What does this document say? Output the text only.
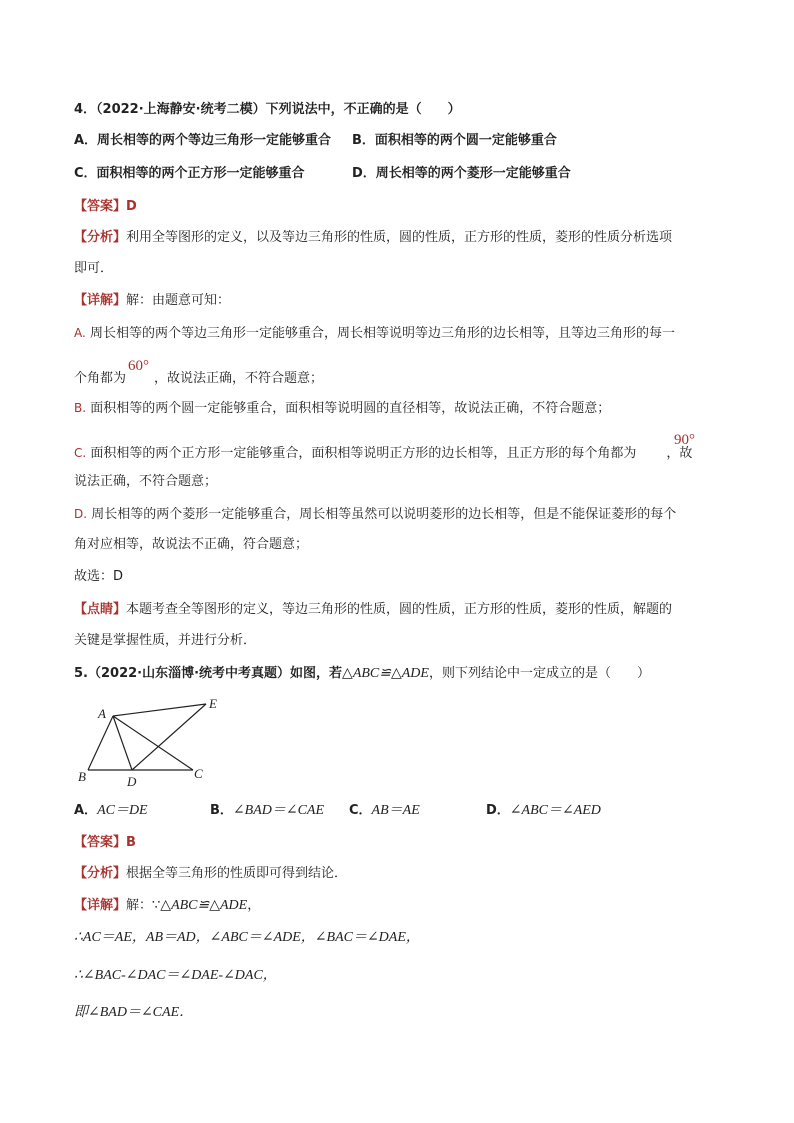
4．（2022·上海静安·统考二模）下列说法中，不正确的是（　　）
A．周长相等的两个等边三角形一定能够重合 B．面积相等的两个圆一定能够重合
C．面积相等的两个正方形一定能够重合	D．周长相等的两个菱形一定能够重合
【答案】D
【分析】利用全等图形的定义，以及等边三角形的性质，圆的性质，正方形的性质，菱形的性质分析选项
即可．
【详解】解：由题意可知：
A. 周长相等的两个等边三角形一定能够重合，周长相等说明等边三角形的边长相等，且等边三角形的每一
个角都为 ，故说法正确，不符合题意；
60°
B. 面积相等的两个圆一定能够重合，面积相等说明圆的直径相等，故说法正确，不符合题意；
C. 面积相等的两个正方形一定能够重合，面积相等说明正方形的边长相等，且正方形的每个角都为 ，故
90°
说法正确，不符合题意；
D. 周长相等的两个菱形一定能够重合，周长相等虽然可以说明菱形的边长相等，但是不能保证菱形的每个
角对应相等，故说法不正确，符合题意；
故选：D
【点睛】本题考查全等图形的定义，等边三角形的性质，圆的性质，正方形的性质，菱形的性质，解题的
关键是掌握性质，并进行分析．
5.（2022·山东淄博·统考中考真题）如图，若△ABC≌△ADE，则下列结论中一定成立的是（　　）
A
B	C
D
E
A．AC＝DE	B．∠BAD＝∠CAE C．AB＝AE	D．∠ABC＝∠AED
【答案】B
【分析】根据全等三角形的性质即可得到结论．
【详解】解：∵△ABC≌△ADE，
∴AC＝AE，AB＝AD，∠ABC＝∠ADE，∠BAC＝∠DAE，
∴∠BAC-∠DAC＝∠DAE-∠DAC，
即∠BAD＝∠CAE．
